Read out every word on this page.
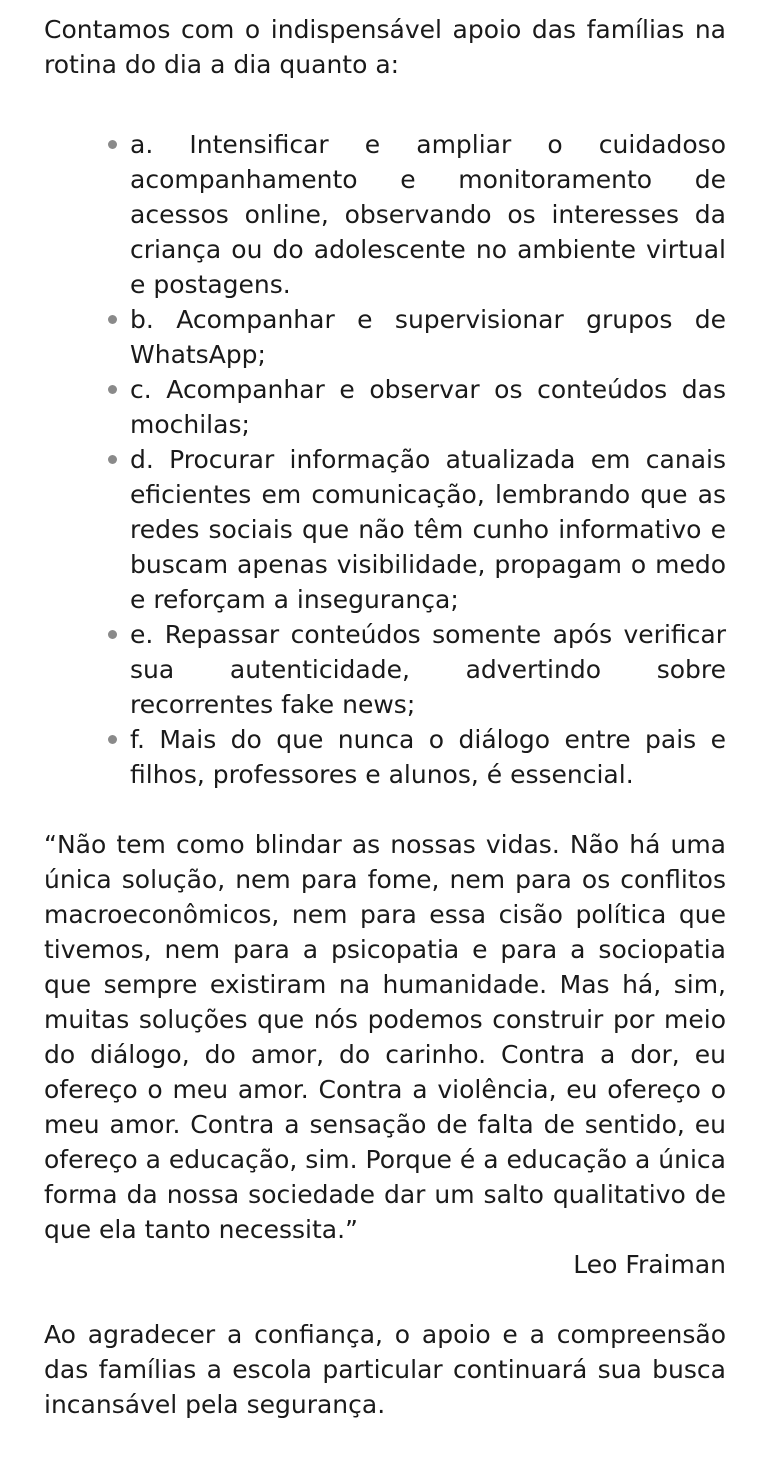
Contamos com o indispensável apoio das famílias na rotina do dia a dia quanto a:

a. Intensificar e ampliar o cuidadoso acompanhamento e monitoramento de acessos online, observando os interesses da criança ou do adolescente no ambiente virtual e postagens.
b. Acompanhar e supervisionar grupos de WhatsApp;
c. Acompanhar e observar os conteúdos das mochilas;
d. Procurar informação atualizada em canais eficientes em comunicação, lembrando que as redes sociais que não têm cunho informativo e buscam apenas visibilidade, propagam o medo e reforçam a insegurança;
e. Repassar conteúdos somente após verificar sua autenticidade, advertindo sobre recorrentes fake news;
f. Mais do que nunca o diálogo entre pais e filhos, professores e alunos, é essencial.

“Não tem como blindar as nossas vidas. Não há uma única solução, nem para fome, nem para os conflitos macroeconômicos, nem para essa cisão política que tivemos, nem para a psicopatia e para a sociopatia que sempre existiram na humanidade. Mas há, sim, muitas soluções que nós podemos construir por meio do diálogo, do amor, do carinho. Contra a dor, eu ofereço o meu amor. Contra a violência, eu ofereço o meu amor. Contra a sensação de falta de sentido, eu ofereço a educação, sim. Porque é a educação a única forma da nossa sociedade dar um salto qualitativo de que ela tanto necessita.”

Leo Fraiman

Ao agradecer a confiança, o apoio e a compreensão das famílias a escola particular continuará sua busca incansável pela segurança.
